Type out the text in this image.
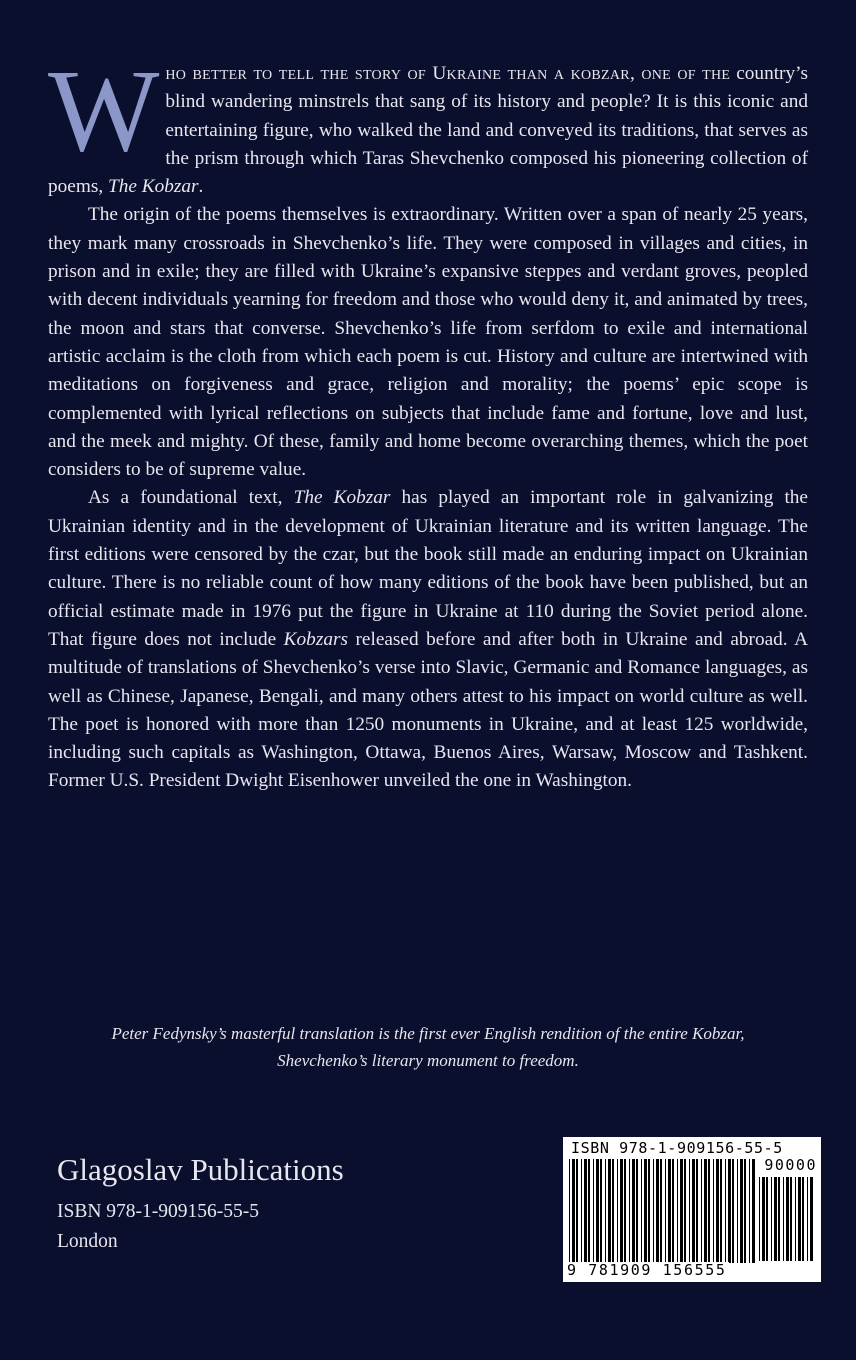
Who better to tell the story of Ukraine than a kobzar, one of the country’s blind wandering minstrels that sang of its history and people? It is this iconic and entertaining figure, who walked the land and conveyed its traditions, that serves as the prism through which Taras Shevchenko composed his pioneering collection of poems, The Kobzar.

The origin of the poems themselves is extraordinary. Written over a span of nearly 25 years, they mark many crossroads in Shevchenko’s life. They were composed in villages and cities, in prison and in exile; they are filled with Ukraine’s expansive steppes and verdant groves, peopled with decent individuals yearning for freedom and those who would deny it, and animated by trees, the moon and stars that converse. Shevchenko’s life from serfdom to exile and international artistic acclaim is the cloth from which each poem is cut. History and culture are intertwined with meditations on forgiveness and grace, religion and morality; the poems’ epic scope is complemented with lyrical reflections on subjects that include fame and fortune, love and lust, and the meek and mighty. Of these, family and home become overarching themes, which the poet considers to be of supreme value.

As a foundational text, The Kobzar has played an important role in galvanizing the Ukrainian identity and in the development of Ukrainian literature and its written language. The first editions were censored by the czar, but the book still made an enduring impact on Ukrainian culture. There is no reliable count of how many editions of the book have been published, but an official estimate made in 1976 put the figure in Ukraine at 110 during the Soviet period alone. That figure does not include Kobzars released before and after both in Ukraine and abroad. A multitude of translations of Shevchenko’s verse into Slavic, Germanic and Romance languages, as well as Chinese, Japanese, Bengali, and many others attest to his impact on world culture as well. The poet is honored with more than 1250 monuments in Ukraine, and at least 125 worldwide, including such capitals as Washington, Ottawa, Buenos Aires, Warsaw, Moscow and Tashkent. Former U.S. President Dwight Eisenhower unveiled the one in Washington.

Peter Fedynsky’s masterful translation is the first ever English rendition of the entire Kobzar,
Shevchenko’s literary monument to freedom.
Glagoslav Publications
ISBN 978-1-909156-55-5
London
ISBN 978-1-909156-55-5
90000
9 781909 156555
